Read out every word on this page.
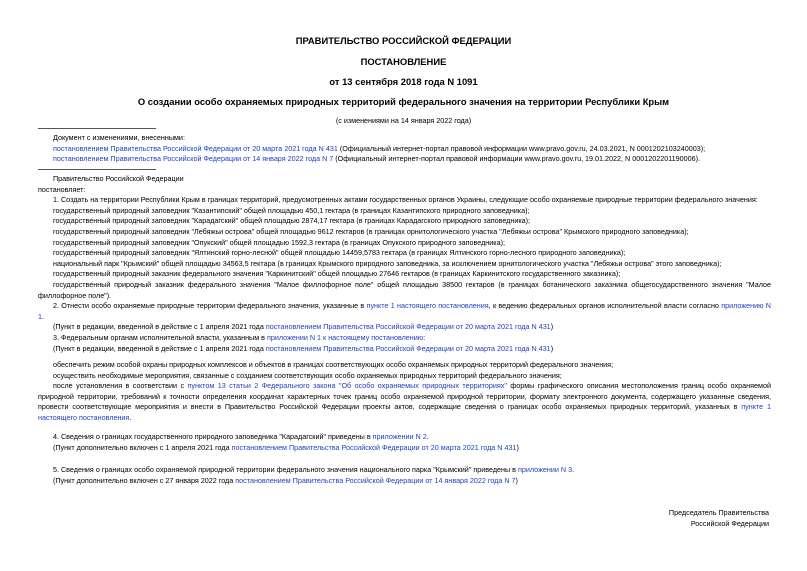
ПРАВИТЕЛЬСТВО РОССИЙСКОЙ ФЕДЕРАЦИИ
ПОСТАНОВЛЕНИЕ
от 13 сентября 2018 года N 1091
О создании особо охраняемых природных территорий федерального значения на территории Республики Крым
(с изменениями на 14 января 2022 года)

Документ с изменениями, внесенными:

постановлением Правительства Российской Федерации от 20 марта 2021 года N 431 (Официальный интернет-портал правовой информации www.pravo.gov.ru, 24.03.2021, N 0001202103240003);

постановлением Правительства Российской Федерации от 14 января 2022 года N 7 (Официальный интернет-портал правовой информации www.pravo.gov.ru, 19.01.2022, N 0001202201190006).

Правительство Российской Федерации

постановляет:

1. Создать на территории Республики Крым в границах территорий, предусмотренных актами государственных органов Украины, следующие особо охраняемые природные территории федерального значения:

государственный природный заповедник "Казантипский" общей площадью 450,1 гектара (в границах Казантипского природного заповедника);

государственный природный заповедник "Карадагский" общей площадью 2874,17 гектара (в границах Карадагского природного заповедника);

государственный природный заповедник "Лебяжьи острова" общей площадью 9612 гектаров (в границах орнитологического участка "Лебяжьи острова" Крымского природного заповедника);

государственный природный заповедник "Опукский" общей площадью 1592,3 гектара (в границах Опукского природного заповедника);

государственный природный заповедник "Ялтинский горно-лесной" общей площадью 14459,5783 гектара (в границах Ялтинского горно-лесного природного заповедника);

национальный парк "Крымский" общей площадью 34563,5 гектара (в границах Крымского природного заповедника, за исключением орнитологического участка "Лебяжьи острова" этого заповедника);

государственный природный заказник федерального значения "Каркинитский" общей площадью 27646 гектаров (в границах Каркинитского государственного заказника);

государственный природный заказник федерального значения "Малое филлофорное поле" общей площадью 38500 гектаров (в границах ботанического заказника общегосударственного значения "Малое филлофорное поле").

2. Отнести особо охраняемые природные территории федерального значения, указанные в пункте 1 настоящего постановления, к ведению федеральных органов исполнительной власти согласно приложению N 1.

(Пункт в редакции, введенной в действие с 1 апреля 2021 года постановлением Правительства Российской Федерации от 20 марта 2021 года N 431)

3. Федеральным органам исполнительной власти, указанным в приложении N 1 к настоящему постановлению:

(Пункт в редакции, введенной в действие с 1 апреля 2021 года постановлением Правительства Российской Федерации от 20 марта 2021 года N 431)

обеспечить режим особой охраны природных комплексов и объектов в границах соответствующих особо охраняемых природных территорий федерального значения;

осуществить необходимые мероприятия, связанные с созданием соответствующих особо охраняемых природных территорий федерального значения;

после установления в соответствии с пунктом 13 статьи 2 Федерального закона "Об особо охраняемых природных территориях" формы графического описания местоположения границ особо охраняемой природной территории, требований к точности определения координат характерных точек границ особо охраняемой природной территории, формату электронного документа, содержащего указанные сведения, провести соответствующие мероприятия и внести в Правительство Российской Федерации проекты актов, содержащие сведения о границах особо охраняемых природных территорий, указанных в пункте 1 настоящего постановления.

4. Сведения о границах государственного природного заповедника "Карадагский" приведены в приложении N 2.

(Пункт дополнительно включен с 1 апреля 2021 года постановлением Правительства Российской Федерации от 20 марта 2021 года N 431)

5. Сведения о границах особо охраняемой природной территории федерального значения национального парка "Крымский" приведены в приложении N 3.

(Пункт дополнительно включен с 27 января 2022 года постановлением Правительства Российской Федерации от 14 января 2022 года N 7)

Председатель Правительства
Российской Федерации
